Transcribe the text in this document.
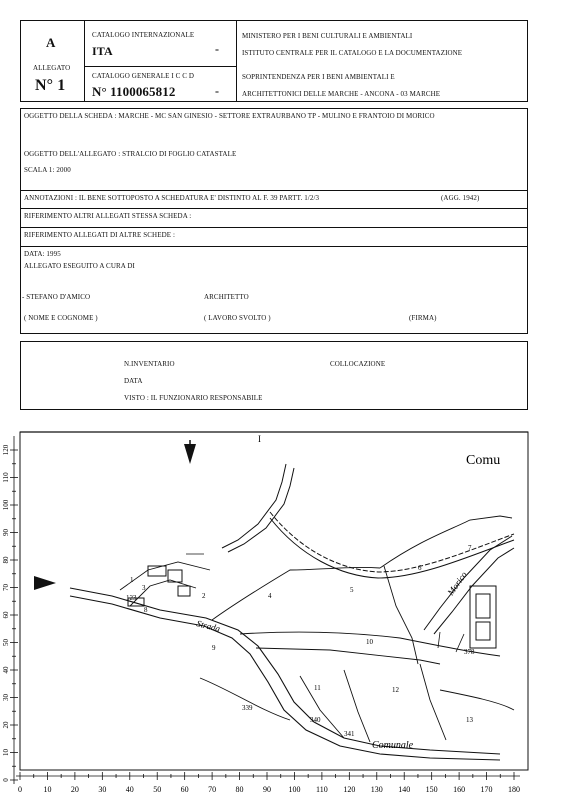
A
ALLEGATO
N° 1
CATALOGO INTERNAZIONALE
ITA	-
CATALOGO GENERALE I C C D
N° 1100065812	-
MINISTERO PER I BENI CULTURALI E AMBIENTALI
ISTITUTO CENTRALE PER IL CATALOGO E LA DOCUMENTAZIONE
SOPRINTENDENZA PER I BENI AMBIENTALI E
ARCHITETTONICI DELLE MARCHE - ANCONA - 03 MARCHE
OGGETTO DELLA SCHEDA : MARCHE - MC SAN GINESIO - SETTORE EXTRAURBANO TP - MULINO E FRANTOIO DI MORICO
OGGETTO DELL'ALLEGATO : STRALCIO DI FOGLIO CATASTALE
SCALA 1: 2000
ANNOTAZIONI : IL BENE SOTTOPOSTO A SCHEDATURA E' DISTINTO AL F. 39 PARTT. 1/2/3	(AGG. 1942)
RIFERIMENTO ALTRI ALLEGATI STESSA SCHEDA :
RIFERIMENTO ALLEGATI DI ALTRE SCHEDE :
DATA: 1995
ALLEGATO ESEGUITO A CURA DI
- STEFANO D'AMICO	ARCHITETTO
( NOME E COGNOME )	( LAVORO SVOLTO )	(FIRMA)
N.INVENTARIO	COLLOCAZIONE
DATA
VISTO : IL FUNZIONARIO RESPONSABILE
I
Comu
Strada
Comunale
Morico
1
2
3
4
5
6
7
8
9
10
11	12
13
339
340
341
378
123
120
110
100
90
80
70
60
50
40
30
20
10
0
0	10 20 30 40 50 60 70 80 90 100 110 120 130 140 150 160 170 180
